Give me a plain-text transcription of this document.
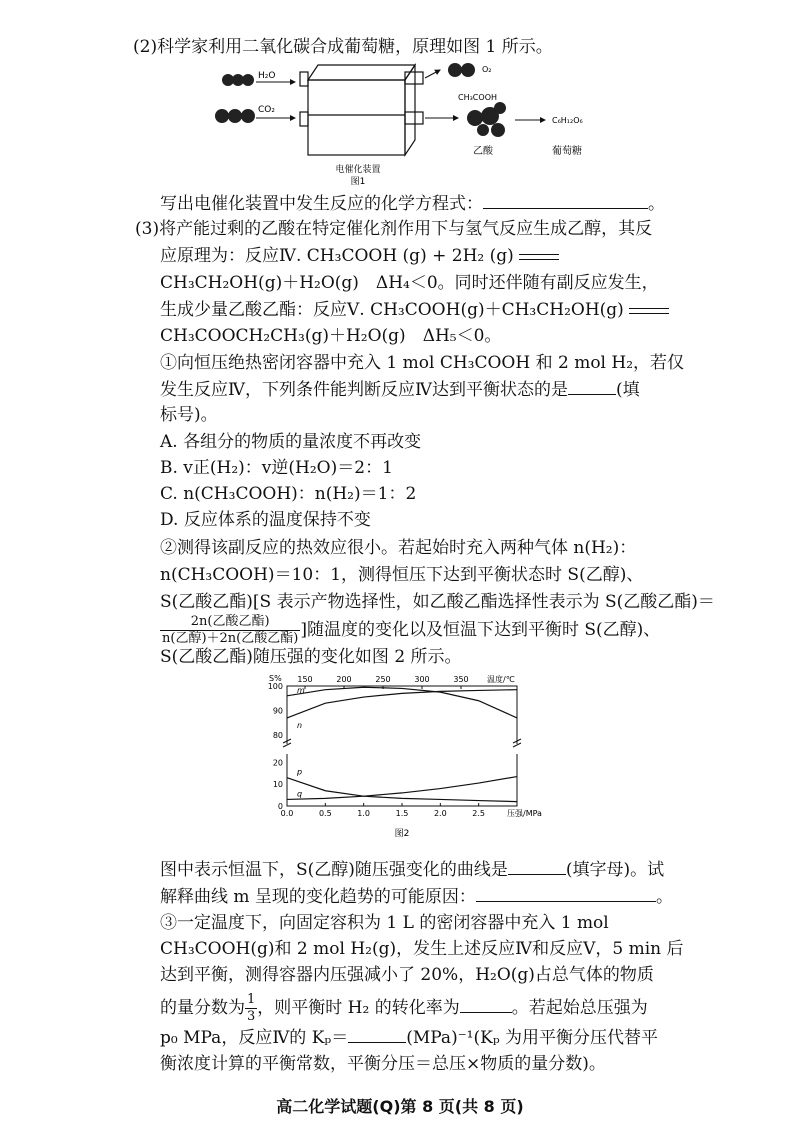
(2)科学家利用二氧化碳合成葡萄糖，原理如图 1 所示。
H₂O
CO₂
电催化装置
图1
O₂
CH₃COOH
乙酸
C₆H₁₂O₆
葡萄糖
写出电催化装置中发生反应的化学方程式：	。
(3)将产能过剩的乙酸在特定催化剂作用下与氢气反应生成乙醇，其反
应原理为：反应Ⅳ. CH₃COOH (g) + 2H₂ (g)
CH₃CH₂OH(g)＋H₂O(g)　ΔH₄＜0。同时还伴随有副反应发生，
生成少量乙酸乙酯：反应Ⅴ. CH₃COOH(g)＋CH₃CH₂OH(g)
CH₃COOCH₂CH₃(g)＋H₂O(g)　ΔH₅＜0。
①向恒压绝热密闭容器中充入 1 mol CH₃COOH 和 2 mol H₂，若仅
发生反应Ⅳ，下列条件能判断反应Ⅳ达到平衡状态的是	(填
标号)。
A. 各组分的物质的量浓度不再改变
B. v正(H₂)：v逆(H₂O)＝2：1
C. n(CH₃COOH)：n(H₂)＝1：2
D. 反应体系的温度保持不变
②测得该副反应的热效应很小。若起始时充入两种气体 n(H₂)：
n(CH₃COOH)＝10：1，测得恒压下达到平衡状态时 S(乙醇)、
S(乙酸乙酯)[S 表示产物选择性，如乙酸乙酯选择性表示为 S(乙酸乙酯)＝
$\frac{\text{2n(乙酸乙酯)}}{\text{n(乙醇)＋2n(乙酸乙酯)}}$ ]随温度的变化以及恒温下达到平衡时 S(乙醇)、
S(乙酸乙酯)随压强的变化如图 2 所示。
S%
100
90
80
20
10
0
0.0	0.5	1.0	1.5	2.0	2.5	压强/MPa
150	200	250	300	350 温度/℃
m
n
p
q
图2
图中表示恒温下，S(乙醇)随压强变化的曲线是	(填字母)。试
解释曲线 m 呈现的变化趋势的可能原因：	。
③一定温度下，向固定容积为 1 L 的密闭容器中充入 1 mol
CH₃COOH(g)和 2 mol H₂(g)，发生上述反应Ⅳ和反应Ⅴ，5 min 后
达到平衡，测得容器内压强减小了 20%，H₂O(g)占总气体的物质
的量分数为 $\frac{1}{3}$ ，则平衡时 H₂ 的转化率为	。若起始总压强为
p₀ MPa，反应Ⅳ的 Kₚ＝	(MPa)⁻¹(Kₚ 为用平衡分压代替平
衡浓度计算的平衡常数，平衡分压＝总压×物质的量分数)。
高二化学试题(Q)第 8 页(共 8 页)
